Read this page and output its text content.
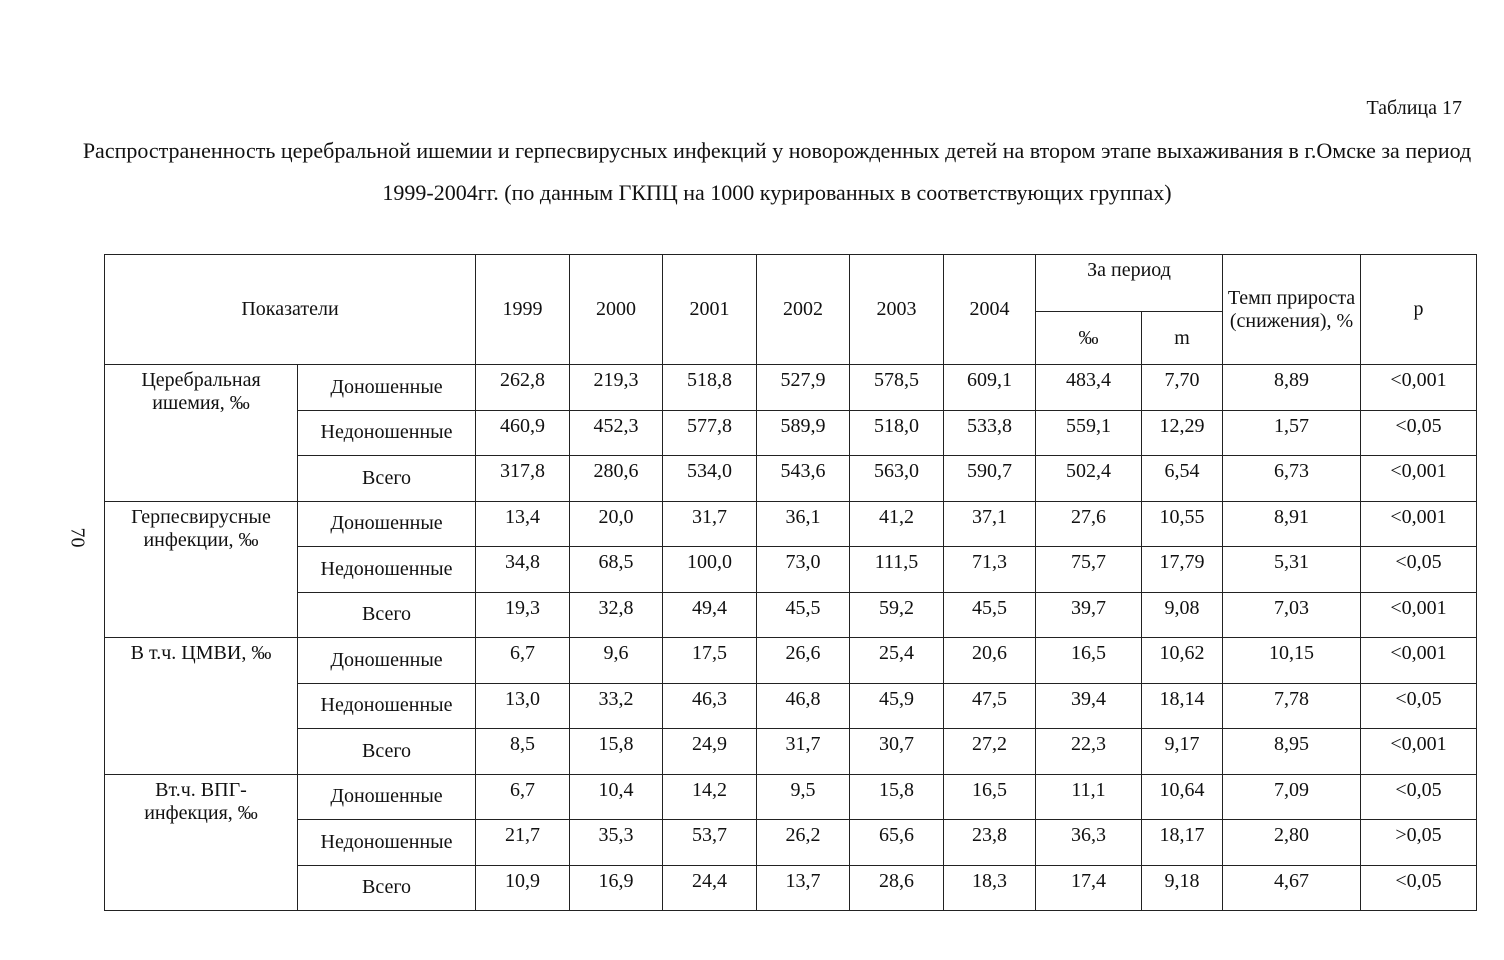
Таблица 17
Распространенность церебральной ишемии и герпесвирусных инфекций у новорожденных детей на втором этапе выхаживания в г.Омске за период 1999-2004гг. (по данным ГКПЦ на 1000 курированных в соответствующих группах)
70
Показатели		1999	2000	2001	2002	2003	2004	За период		Темп прироста (снижения), %	p
								‰	m		
Церебральная ишемия, ‰	Доношенные	262,8	219,3	518,8	527,9	578,5	609,1	483,4	7,70	8,89	<0,001
	Недоношенные	460,9	452,3	577,8	589,9	518,0	533,8	559,1	12,29	1,57	<0,05
	Всего	317,8	280,6	534,0	543,6	563,0	590,7	502,4	6,54	6,73	<0,001
Герпесвирусные инфекции, ‰	Доношенные	13,4	20,0	31,7	36,1	41,2	37,1	27,6	10,55	8,91	<0,001
	Недоношенные	34,8	68,5	100,0	73,0	111,5	71,3	75,7	17,79	5,31	<0,05
	Всего	19,3	32,8	49,4	45,5	59,2	45,5	39,7	9,08	7,03	<0,001
В т.ч. ЦМВИ, ‰	Доношенные	6,7	9,6	17,5	26,6	25,4	20,6	16,5	10,62	10,15	<0,001
	Недоношенные	13,0	33,2	46,3	46,8	45,9	47,5	39,4	18,14	7,78	<0,05
	Всего	8,5	15,8	24,9	31,7	30,7	27,2	22,3	9,17	8,95	<0,001
Вт.ч. ВПГ-инфекция, ‰	Доношенные	6,7	10,4	14,2	9,5	15,8	16,5	11,1	10,64	7,09	<0,05
	Недоношенные	21,7	35,3	53,7	26,2	65,6	23,8	36,3	18,17	2,80	>0,05
	Всего	10,9	16,9	24,4	13,7	28,6	18,3	17,4	9,18	4,67	<0,05
